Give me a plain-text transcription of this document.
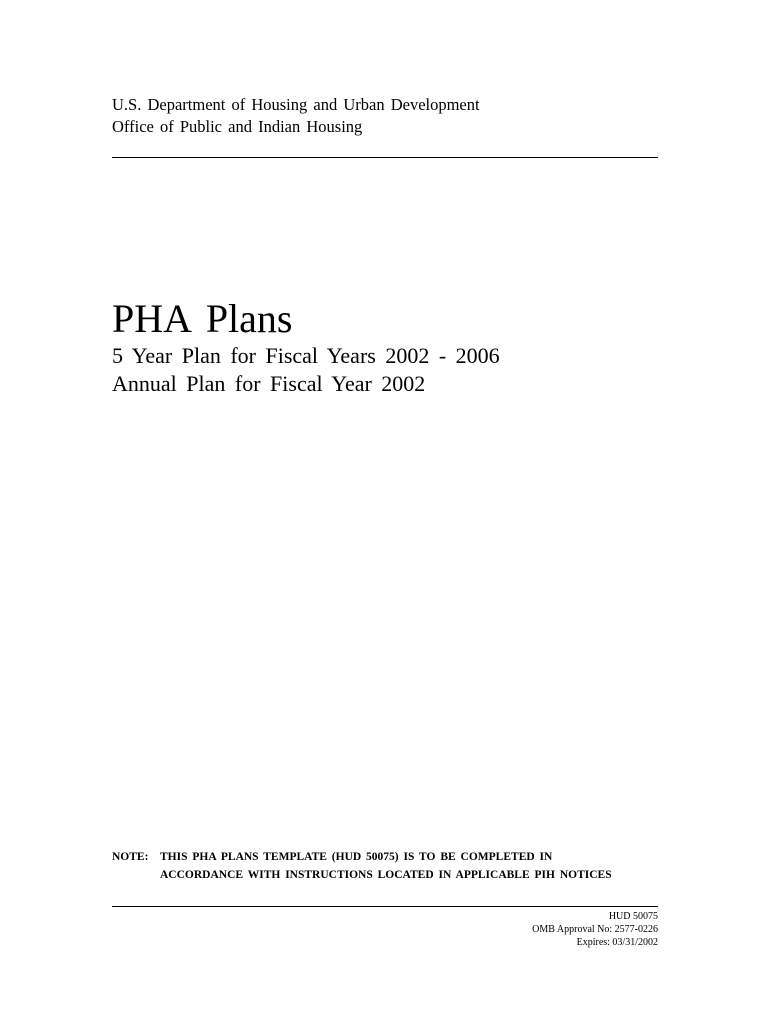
U.S. Department of Housing and Urban Development
Office of Public and Indian Housing
PHA Plans
5 Year Plan for Fiscal Years 2002 - 2006
Annual Plan for Fiscal Year 2002
NOTE: THIS PHA PLANS TEMPLATE (HUD 50075) IS TO BE COMPLETED IN
ACCORDANCE WITH INSTRUCTIONS LOCATED IN APPLICABLE PIH NOTICES
HUD 50075
OMB Approval No: 2577-0226
Expires: 03/31/2002
